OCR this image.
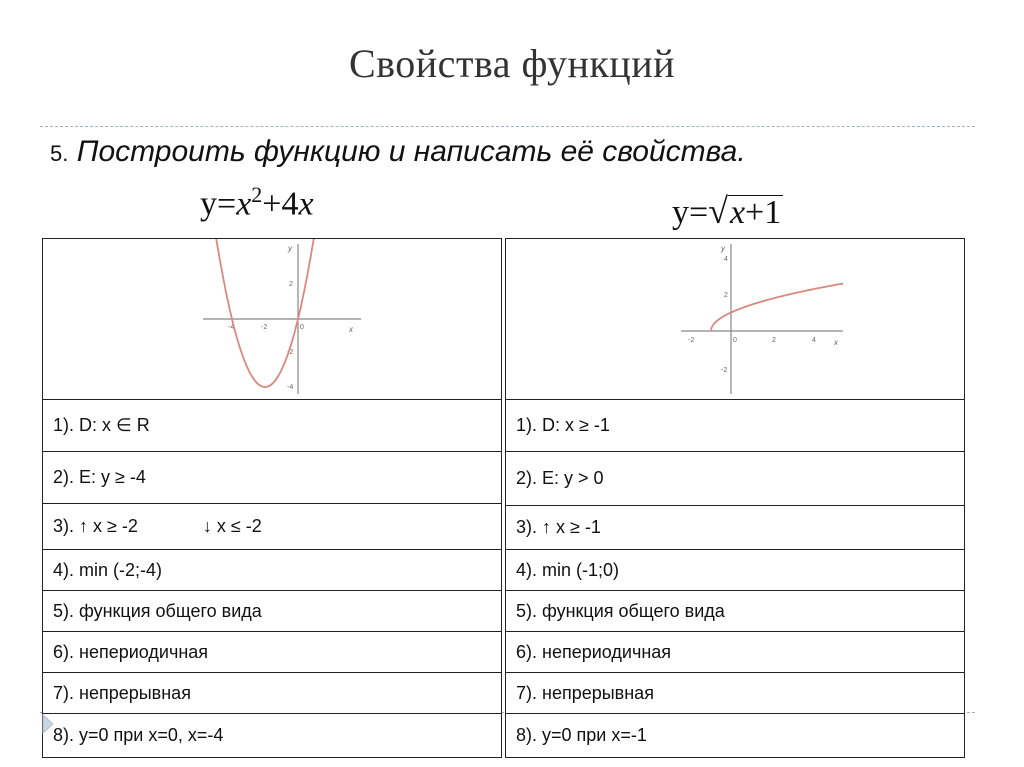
Свойства функций
5. Построить функцию и написать её свойства.
$y=x^2+4x$	y=√x+1
x
y
-4	-2	0
2
-2
-4
1). D: x ∈ R
2). E: y ≥ -4
3). ↑ x ≥ -2             ↓ x ≤ -2
4). min (-2;-4)
5). функция общего вида
6). непериодичная
7). непрерывная
8). y=0 при x=0, x=-4
x
y
-2	0	2	4
4
2
-2
1). D: x ≥ -1
2). E: y > 0
3). ↑ x ≥ -1
4). min (-1;0)
5). функция общего вида
6). непериодичная
7). непрерывная
8). y=0 при x=-1
